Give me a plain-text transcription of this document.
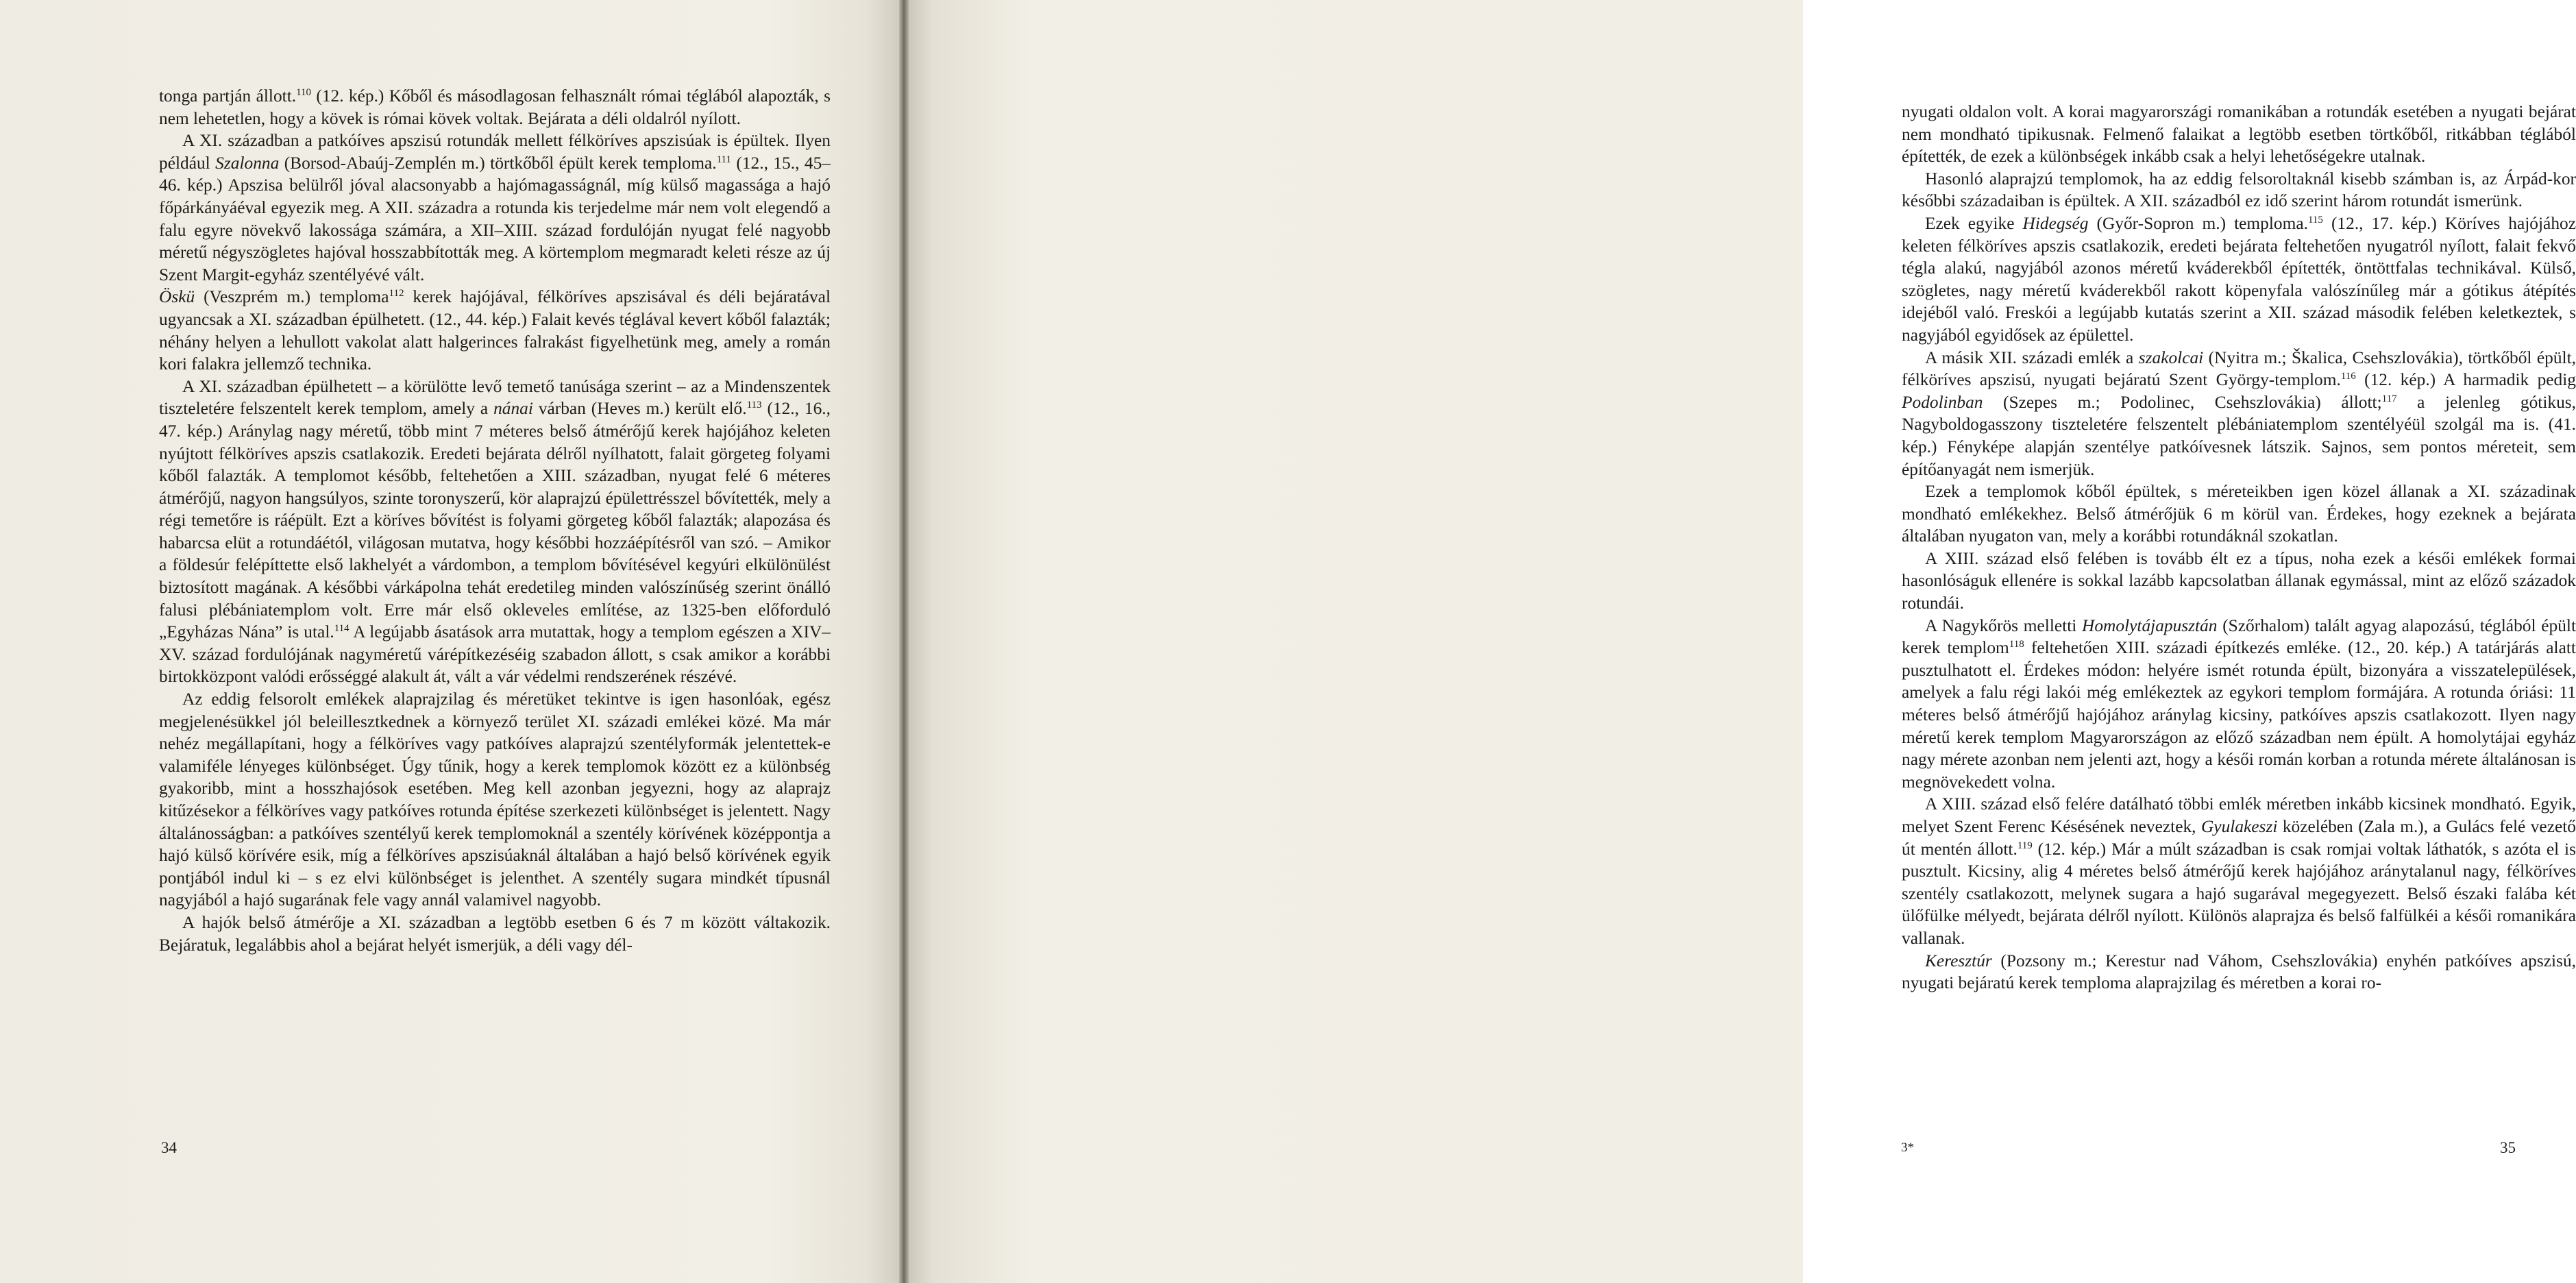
tonga partján állott.$^{110}$ (12. kép.) Kőből és másodlagosan felhasznált római téglából alapozták, s nem lehetetlen, hogy a kövek is római kövek voltak. Bejárata a déli oldalról nyílott.

A XI. században a patkóíves apszisú rotundák mellett félköríves apszisúak is épültek. Ilyen például Szalonna (Borsod-Abaúj-Zemplén m.) törtkőből épült kerek temploma.$^{111}$ (12., 15., 45–46. kép.) Apszisa belülről jóval alacsonyabb a hajómagasságnál, míg külső magassága a hajó főpárkányáéval egyezik meg. A XII. századra a rotunda kis terjedelme már nem volt elegendő a falu egyre növekvő lakossága számára, a XII–XIII. század fordulóján nyugat felé nagyobb méretű négyszögletes hajóval hosszabbították meg. A körtemplom megmaradt keleti része az új Szent Margit-egyház szentélyévé vált.

Öskü (Veszprém m.) temploma$^{112}$ kerek hajójával, félköríves apszisával és déli bejáratával ugyancsak a XI. században épülhetett. (12., 44. kép.) Falait kevés téglával kevert kőből falazták; néhány helyen a lehullott vakolat alatt halgerinces falrakást figyelhetünk meg, amely a román kori falakra jellemző technika.

A XI. században épülhetett – a körülötte levő temető tanúsága szerint – az a Mindenszentek tiszteletére felszentelt kerek templom, amely a nánai várban (Heves m.) került elő.$^{113}$ (12., 16., 47. kép.) Aránylag nagy méretű, több mint 7 méteres belső átmérőjű kerek hajójához keleten nyújtott félköríves apszis csatlakozik. Eredeti bejárata délről nyílhatott, falait görgeteg folyami kőből falazták. A templomot később, feltehetően a XIII. században, nyugat felé 6 méteres átmérőjű, nagyon hangsúlyos, szinte toronyszerű, kör alaprajzú épülettrésszel bővítették, mely a régi temetőre is ráépült. Ezt a köríves bővítést is folyami görgeteg kőből falazták; alapozása és habarcsa elüt a rotundáétól, világosan mutatva, hogy későbbi hozzáépítésről van szó. – Amikor a földesúr felépíttette első lakhelyét a várdombon, a templom bővítésével kegyúri elkülönülést biztosított magának. A későbbi várkápolna tehát eredetileg minden valószínűség szerint önálló falusi plébániatemplom volt. Erre már első okleveles említése, az 1325-ben előforduló „Egyházas Nána” is utal.$^{114}$ A legújabb ásatások arra mutattak, hogy a templom egészen a XIV–XV. század fordulójának nagyméretű várépítkezéséig szabadon állott, s csak amikor a korábbi birtokközpont valódi erősséggé alakult át, vált a vár védelmi rendszerének részévé.

Az eddig felsorolt emlékek alaprajzilag és méretüket tekintve is igen hasonlóak, egész megjelenésükkel jól beleillesztkednek a környező terület XI. századi emlékei közé. Ma már nehéz megállapítani, hogy a félköríves vagy patkóíves alaprajzú szentélyformák jelentettek-e valamiféle lényeges különbséget. Úgy tűnik, hogy a kerek templomok között ez a különbség gyakoribb, mint a hosszhajósok esetében. Meg kell azonban jegyezni, hogy az alaprajz kitűzésekor a félköríves vagy patkóíves rotunda építése szerkezeti különbséget is jelentett. Nagy általánosságban: a patkóíves szentélyű kerek templomoknál a szentély körívének középpontja a hajó külső körívére esik, míg a félköríves apszisúaknál általában a hajó belső körívének egyik pontjából indul ki – s ez elvi különbséget is jelenthet. A szentély sugara mindkét típusnál nagyjából a hajó sugarának fele vagy annál valamivel nagyobb.

A hajók belső átmérője a XI. században a legtöbb esetben 6 és 7 m között váltakozik. Bejáratuk, legalábbis ahol a bejárat helyét ismerjük, a déli vagy dél-

34

nyugati oldalon volt. A korai magyarországi romanikában a rotundák esetében a nyugati bejárat nem mondható tipikusnak. Felmenő falaikat a legtöbb esetben törtkőből, ritkábban téglából építették, de ezek a különbségek inkább csak a helyi lehetőségekre utalnak.

Hasonló alaprajzú templomok, ha az eddig felsoroltaknál kisebb számban is, az Árpád-kor későbbi századaiban is épültek. A XII. századból ez idő szerint három rotundát ismerünk.

Ezek egyike Hidegség (Győr-Sopron m.) temploma.$^{115}$ (12., 17. kép.) Köríves hajójához keleten félköríves apszis csatlakozik, eredeti bejárata feltehetően nyugatról nyílott, falait fekvő tégla alakú, nagyjából azonos méretű kváderekből építették, öntöttfalas technikával. Külső, szögletes, nagy méretű kváderekből rakott köpenyfala valószínűleg már a gótikus átépítés idejéből való. Freskói a legújabb kutatás szerint a XII. század második felében keletkeztek, s nagyjából egyidősek az épülettel.

A másik XII. századi emlék a szakolcai (Nyitra m.; Škalica, Csehszlovákia), törtkőből épült, félköríves apszisú, nyugati bejáratú Szent György-templom.$^{116}$ (12. kép.) A harmadik pedig Podolinban (Szepes m.; Podolinec, Csehszlovákia) állott;$^{117}$ a jelenleg gótikus, Nagyboldogasszony tiszteletére felszentelt plébániatemplom szentélyéül szolgál ma is. (41. kép.) Fényképe alapján szentélye patkóívesnek látszik. Sajnos, sem pontos méreteit, sem építőanyagát nem ismerjük.

Ezek a templomok kőből épültek, s méreteikben igen közel állanak a XI. századinak mondható emlékekhez. Belső átmérőjük 6 m körül van. Érdekes, hogy ezeknek a bejárata általában nyugaton van, mely a korábbi rotundáknál szokatlan.

A XIII. század első felében is tovább élt ez a típus, noha ezek a késői emlékek formai hasonlóságuk ellenére is sokkal lazább kapcsolatban állanak egymással, mint az előző századok rotundái.

A Nagykőrös melletti Homolytájapusztán (Szőrhalom) talált agyag alapozású, téglából épült kerek templom$^{118}$ feltehetően XIII. századi építkezés emléke. (12., 20. kép.) A tatárjárás alatt pusztulhatott el. Érdekes módon: helyére ismét rotunda épült, bizonyára a visszatelepülések, amelyek a falu régi lakói még emlékeztek az egykori templom formájára. A rotunda óriási: 11 méteres belső átmérőjű hajójához aránylag kicsiny, patkóíves apszis csatlakozott. Ilyen nagy méretű kerek templom Magyarországon az előző században nem épült. A homolytájai egyház nagy mérete azonban nem jelenti azt, hogy a késői román korban a rotunda mérete általánosan is megnövekedett volna.

A XIII. század első felére datálható többi emlék méretben inkább kicsinek mondható. Egyik, melyet Szent Ferenc Késésének neveztek, Gyulakeszi közelében (Zala m.), a Gulács felé vezető út mentén állott.$^{119}$ (12. kép.) Már a múlt században is csak romjai voltak láthatók, s azóta el is pusztult. Kicsiny, alig 4 méretes belső átmérőjű kerek hajójához aránytalanul nagy, félköríves szentély csatlakozott, melynek sugara a hajó sugarával megegyezett. Belső északi falába két ülőfülke mélyedt, bejárata délről nyílott. Különös alaprajza és belső falfülkéi a késői romanikára vallanak.

Keresztúr (Pozsony m.; Kerestur nad Váhom, Csehszlovákia) enyhén patkóíves apszisú, nyugati bejáratú kerek temploma alaprajzilag és méretben a korai ro-

3*	35
